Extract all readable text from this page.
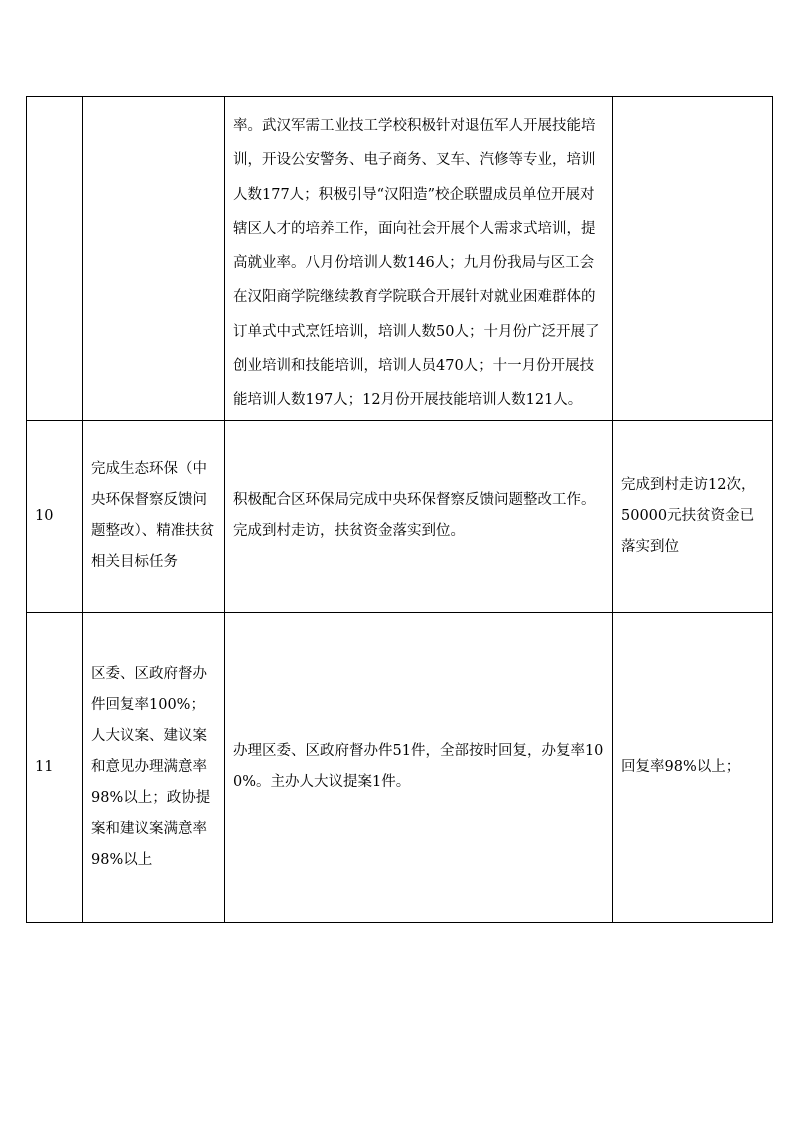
		率。武汉军需工业技工学校积极针对退伍军人开展技能培训，开设公安警务、电子商务、叉车、汽修等专业，培训人数177人；积极引导“汉阳造”校企联盟成员单位开展对辖区人才的培养工作，面向社会开展个人需求式培训，提高就业率。八月份培训人数146人；九月份我局与区工会在汉阳商学院继续教育学院联合开展针对就业困难群体的订单式中式烹饪培训，培训人数50人；十月份广泛开展了创业培训和技能培训，培训人员470人；十一月份开展技能培训人数197人；12月份开展技能培训人数121人。	

10	完成生态环保（中央环保督察反馈问题整改）、精准扶贫相关目标任务	积极配合区环保局完成中央环保督察反馈问题整改工作。完成到村走访，扶贫资金落实到位。	完成到村走访12次，50000元扶贫资金已落实到位
11	区委、区政府督办件回复率100%；人大议案、建议案和意见办理满意率98%以上；政协提案和建议案满意率98%以上	办理区委、区政府督办件51件，全部按时回复，办复率100%。主办人大议提案1件。	回复率98%以上；
